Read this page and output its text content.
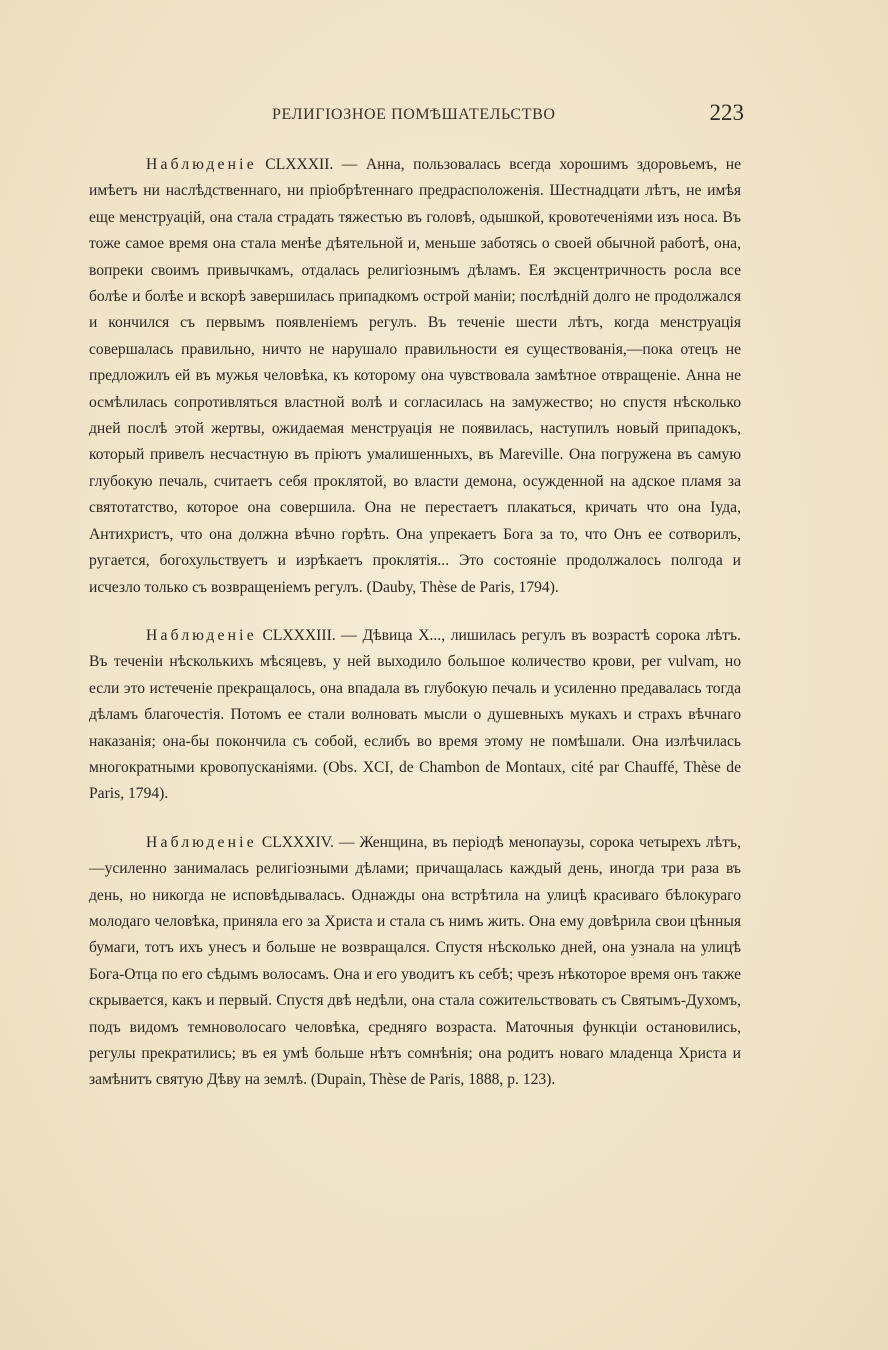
РЕЛИГIОЗНОЕ ПОМѢШАТЕЛЬСТВО	223

Наблюденiе CLXXXII. — Анна, пользовалась всегда хорошимъ здоровьемъ, не имѣетъ ни наслѣдственнаго, ни прiобрѣтеннаго предрасположенiя. Шестнадцати лѣтъ, не имѣя еще менструацiй, она стала страдать тяжестью въ головѣ, одышкой, кровотеченiями изъ носа. Въ тоже самое время она стала менѣе дѣятельной и, меньше заботясь о своей обычной работѣ, она, вопреки своимъ привычкамъ, отдалась религiознымъ дѣламъ. Ея эксцентричность росла все болѣе и болѣе и вскорѣ завершилась припадкомъ острой манiи; послѣднiй долго не продолжался и кончился съ первымъ появленiемъ регулъ. Въ теченiе шести лѣтъ, когда менструацiя совершалась правильно, ничто не нарушало правильности ея существованiя,—пока отецъ не предложилъ ей въ мужья человѣка, къ которому она чувствовала замѣтное отвращенiе. Анна не осмѣлилась сопротивляться властной волѣ и согласилась на замужество; но спустя нѣсколько дней послѣ этой жертвы, ожидаемая менструацiя не появилась, наступилъ новый припадокъ, который привелъ несчастную въ прiютъ умалишенныхъ, въ Mareville. Она погружена въ самую глубокую печаль, считаетъ себя проклятой, во власти демона, осужденной на адское пламя за святотатство, которое она совершила. Она не перестаетъ плакаться, кричать что она Iуда, Антихристъ, что она должна вѣчно горѣть. Она упрекаетъ Бога за то, что Онъ ее сотворилъ, ругается, богохульствуетъ и изрѣкаетъ проклятiя... Это состоянiе продолжалось полгода и исчезло только съ возвращенiемъ регулъ. (Dauby, Thèse de Paris, 1794).

Наблюденiе CLXXXIII. — Дѣвица X..., лишилась регулъ въ возрастѣ сорока лѣтъ. Въ теченiи нѣсколькихъ мѣсяцевъ, у ней выходило большое количество крови, per vulvam, но если это истеченiе прекращалось, она впадала въ глубокую печаль и усиленно предавалась тогда дѣламъ благочестiя. Потомъ ее стали волновать мысли о душевныхъ мукахъ и страхъ вѣчнаго наказанiя; она-бы покончила съ собой, еслибъ во время этому не помѣшали. Она излѣчилась многократными кровопусканiями. (Obs. XCI, de Chambon de Montaux, cité par Chauffé, Thèse de Paris, 1794).

Наблюденiе CLXXXIV. — Женщина, въ перiодѣ менопаузы, сорока четырехъ лѣтъ,—усиленно занималась религiозными дѣлами; причащалась каждый день, иногда три раза въ день, но никогда не исповѣдывалась. Однажды она встрѣтила на улицѣ красиваго бѣлокураго молодаго человѣка, приняла его за Христа и стала съ нимъ жить. Она ему довѣрила свои цѣнныя бумаги, тотъ ихъ унесъ и больше не возвращался. Спустя нѣсколько дней, она узнала на улицѣ Бога-Отца по его сѣдымъ волосамъ. Она и его уводитъ къ себѣ; чрезъ нѣкоторое время онъ также скрывается, какъ и первый. Спустя двѣ недѣли, она стала сожительствовать съ Святымъ-Духомъ, подъ видомъ темноволосаго человѣка, средняго возраста. Маточныя функцiи остановились, регулы прекратились; въ ея умѣ больше нѣтъ сомнѣнiя; она родитъ новаго младенца Христа и замѣнитъ святую Дѣву на землѣ. (Dupain, Thèse de Paris, 1888, p. 123).
